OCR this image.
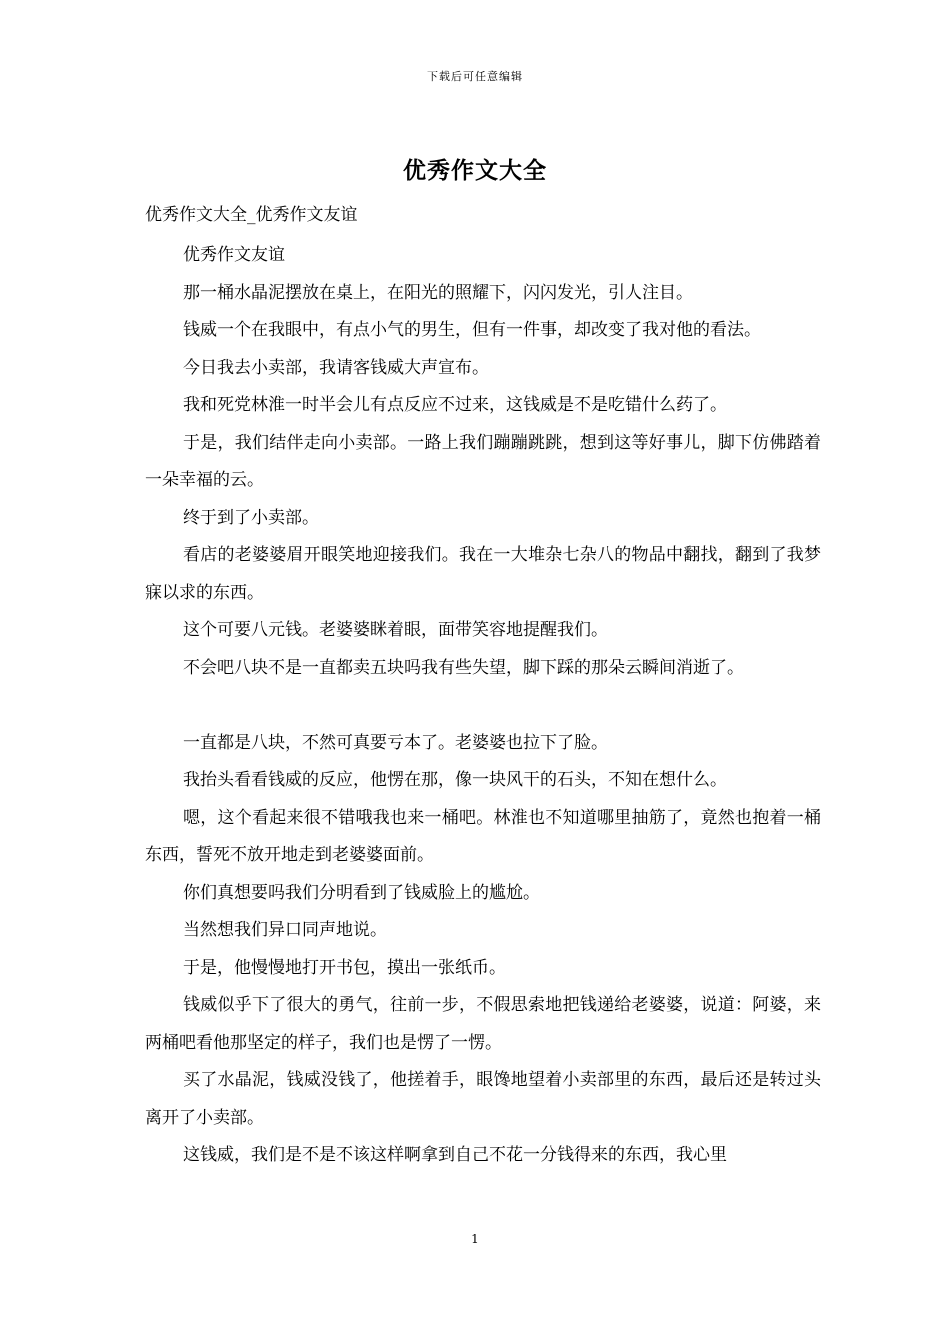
下载后可任意编辑
优秀作文大全
优秀作文大全_优秀作文友谊

优秀作文友谊

那一桶水晶泥摆放在桌上，在阳光的照耀下，闪闪发光，引人注目。

钱威一个在我眼中，有点小气的男生，但有一件事，却改变了我对他的看法。

今日我去小卖部，我请客钱威大声宣布。

我和死党林淮一时半会儿有点反应不过来，这钱威是不是吃错什么药了。

于是，我们结伴走向小卖部。一路上我们蹦蹦跳跳，想到这等好事儿，脚下仿佛踏着一朵幸福的云。

终于到了小卖部。

看店的老婆婆眉开眼笑地迎接我们。我在一大堆杂七杂八的物品中翻找，翻到了我梦寐以求的东西。

这个可要八元钱。老婆婆眯着眼，面带笑容地提醒我们。

不会吧八块不是一直都卖五块吗我有些失望，脚下踩的那朵云瞬间消逝了。

一直都是八块，不然可真要亏本了。老婆婆也拉下了脸。

我抬头看看钱威的反应，他愣在那，像一块风干的石头，不知在想什么。

嗯，这个看起来很不错哦我也来一桶吧。林淮也不知道哪里抽筋了，竟然也抱着一桶东西，誓死不放开地走到老婆婆面前。

你们真想要吗我们分明看到了钱威脸上的尴尬。

当然想我们异口同声地说。

于是，他慢慢地打开书包，摸出一张纸币。

钱威似乎下了很大的勇气，往前一步，不假思索地把钱递给老婆婆，说道：阿婆，来两桶吧看他那坚定的样子，我们也是愣了一愣。

买了水晶泥，钱威没钱了，他搓着手，眼馋地望着小卖部里的东西，最后还是转过头离开了小卖部。

这钱威，我们是不是不该这样啊拿到自己不花一分钱得来的东西，我心里

1
